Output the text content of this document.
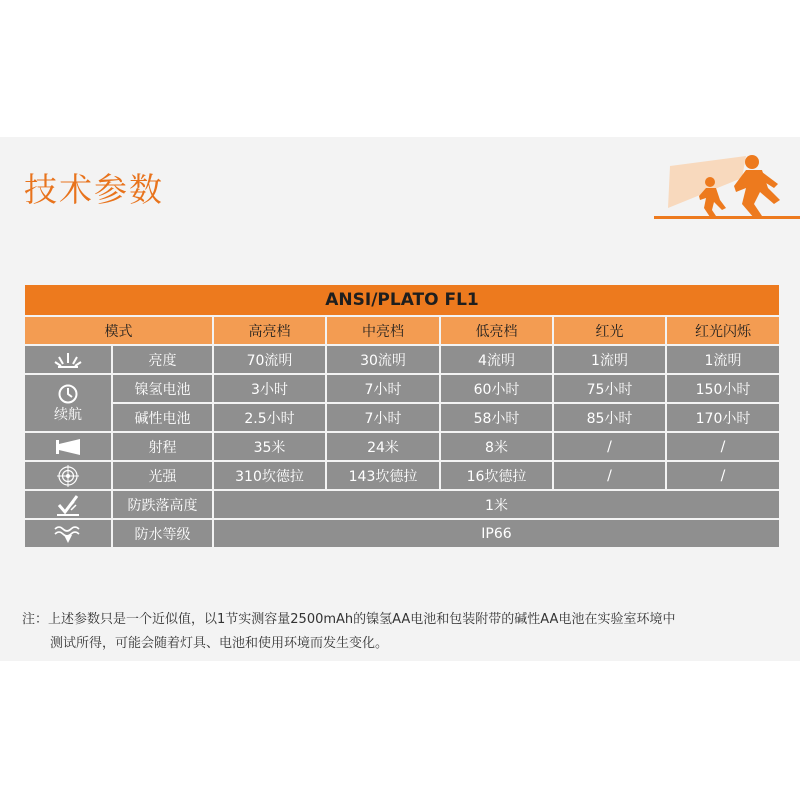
技术参数
ANSI/PLATO FL1						
模式		高亮档	中亮档	低亮档	红光	红光闪烁

	亮度	70流明	30流明	4流明	1流明	1流明

续航	镍氢电池	3小时	7小时	60小时	75小时	150小时
	碱性电池	2.5小时	7小时	58小时	85小时	170小时

	射程	35米	24米	8米	/	/

	光强	310坎德拉	143坎德拉	16坎德拉	/	/

	防跌落高度	1米				

	防水等级	IP66				
注：上述参数只是一个近似值，以1节实测容量2500mAh的镍氢AA电池和包装附带的碱性AA电池在实验室环境中
测试所得，可能会随着灯具、电池和使用环境而发生变化。
